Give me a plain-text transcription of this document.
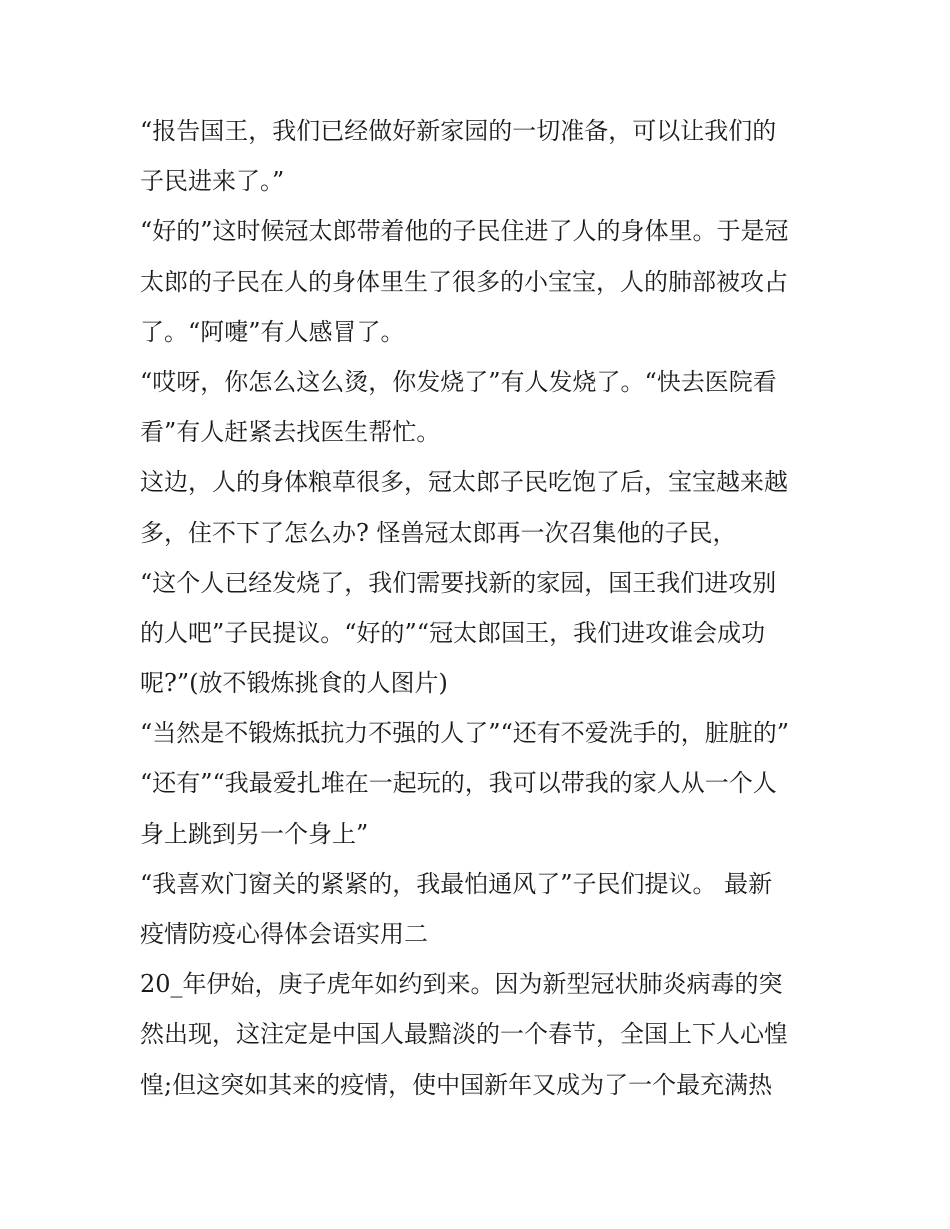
“报告国王，我们已经做好新家园的一切准备，可以让我们的
子民进来了。”
“好的”这时候冠太郎带着他的子民住进了人的身体里。于是冠
太郎的子民在人的身体里生了很多的小宝宝，人的肺部被攻占
了。“阿嚏”有人感冒了。
“哎呀，你怎么这么烫，你发烧了”有人发烧了。“快去医院看
看”有人赶紧去找医生帮忙。
这边，人的身体粮草很多，冠太郎子民吃饱了后，宝宝越来越
多，住不下了怎么办? 怪兽冠太郎再一次召集他的子民，
“这个人已经发烧了，我们需要找新的家园，国王我们进攻别
的人吧”子民提议。“好的”“冠太郎国王，我们进攻谁会成功
呢?”(放不锻炼挑食的人图片)
“当然是不锻炼抵抗力不强的人了”“还有不爱洗手的，脏脏的”
“还有”“我最爱扎堆在一起玩的，我可以带我的家人从一个人
身上跳到另一个身上”
“我喜欢门窗关的紧紧的，我最怕通风了”子民们提议。 最新
疫情防疫心得体会语实用二
20_年伊始，庚子虎年如约到来。因为新型冠状肺炎病毒的突
然出现，这注定是中国人最黯淡的一个春节，全国上下人心惶
惶;但这突如其来的疫情，使中国新年又成为了一个最充满热
